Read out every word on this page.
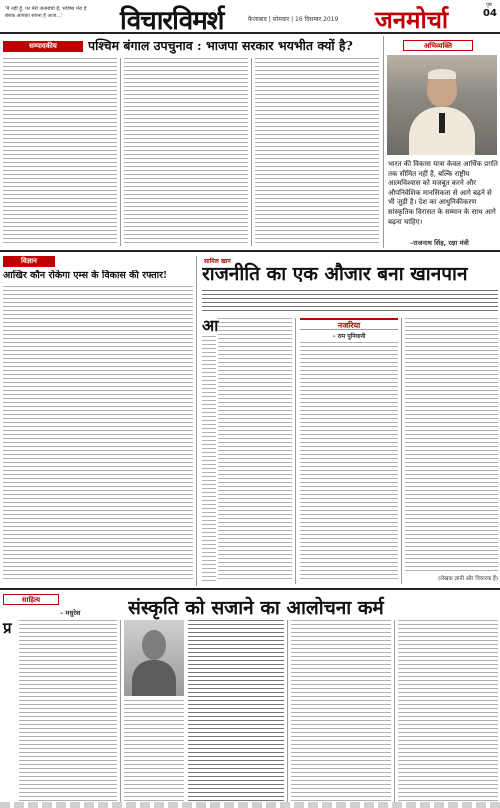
'मैं नहीं हूँ, पर मेरी जनमोर्चा है, भविष्य मेरा है
बेशक आपका सपना है आज...'	विचारविमर्श	फ़ैजाबाद | सोमवार | 16 दिसम्बर 2019	जनमोर्चा	पृष्ठ
04
सम्पादकीय	पश्चिम बंगाल उपचुनाव : भाजपा सरकार भयभीत क्यों है?	अभिव्यक्ति
भारत की विकास यात्रा केवल आर्थिक प्रगति तक सीमित नहीं है, बल्कि राष्ट्रीय आत्मविश्वास को मजबूत करने और औपनिवेशिक मानसिकता से आगे बढ़ने से भी जुड़ी है। देश का आधुनिकीकरण सांस्कृतिक विरासत के सम्मान के साथ आगे बढ़ना चाहिए।
–राजनाथ सिंह, रक्षा मंत्री
विज्ञान
आखिर कौन रोकेगा एम्स के विकास की रफ्तार!
सामिल खान
राजनीति का एक औजार बना खानपान
आ	नजरिया
– राम पुनियानी
(लेखक ज्ञानी और विचारक हैं)
साहित्य
– मधुरेश	संस्कृति को सजाने का आलोचना कर्म
प्र
